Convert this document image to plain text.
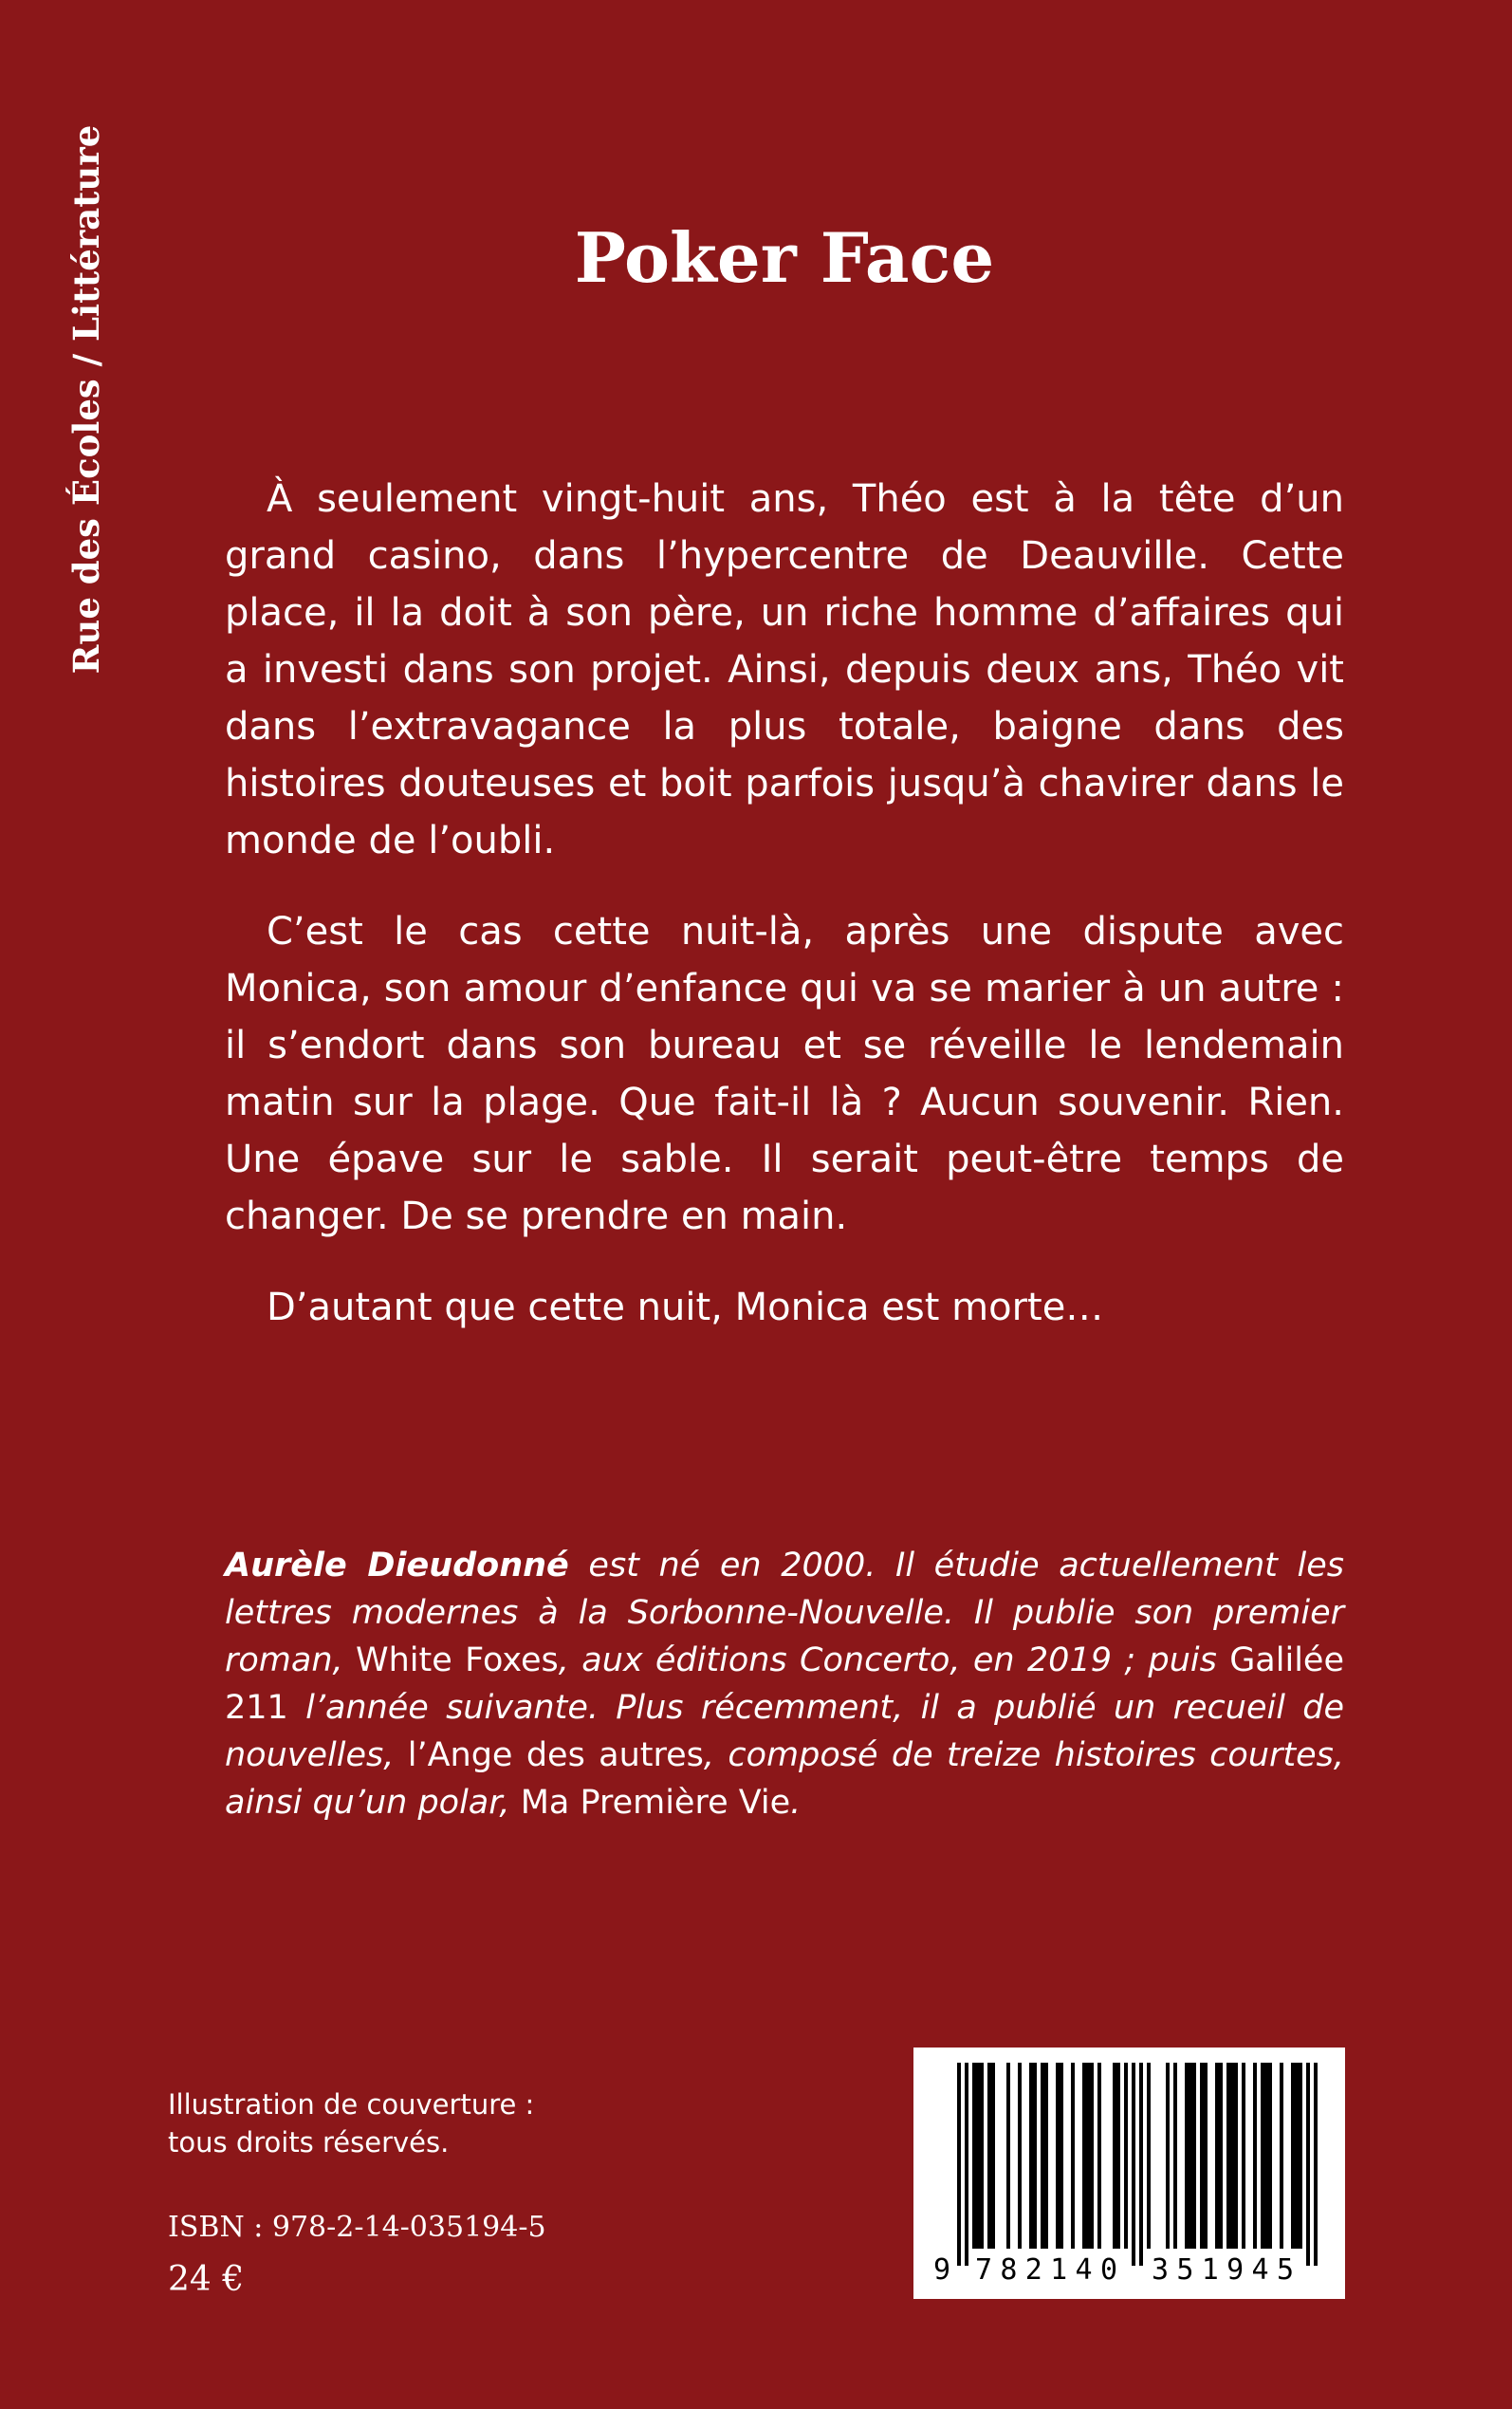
Rue des Écoles / Littérature	Poker Face

À seulement vingt-huit ans, Théo est à la tête d’un grand casino, dans l’hypercentre de Deauville. Cette place, il la doit à son père, un riche homme d’affaires qui a investi dans son projet. Ainsi, depuis deux ans, Théo vit dans l’extravagance la plus totale, baigne dans des histoires douteuses et boit parfois jusqu’à chavirer dans le monde de l’oubli.

C’est le cas cette nuit-là, après une dispute avec Monica, son amour d’enfance qui va se marier à un autre : il s’endort dans son bureau et se réveille le lendemain matin sur la plage. Que fait-il là ? Aucun souvenir. Rien. Une épave sur le sable. Il serait peut-être temps de changer. De se prendre en main.

D’autant que cette nuit, Monica est morte…

Aurèle Dieudonné est né en 2000. Il étudie actuellement les lettres modernes à la Sorbonne-Nouvelle. Il publie son premier roman, White Foxes, aux éditions Concerto, en 2019 ; puis Galilée 211 l’année suivante. Plus récemment, il a publié un recueil de nouvelles, l’Ange des autres, composé de treize histoires courtes, ainsi qu’un polar, Ma Première Vie.
Illustration de couverture :
tous droits réservés.
ISBN : 978-2-14-035194-5
24 €	9 782140 351945
